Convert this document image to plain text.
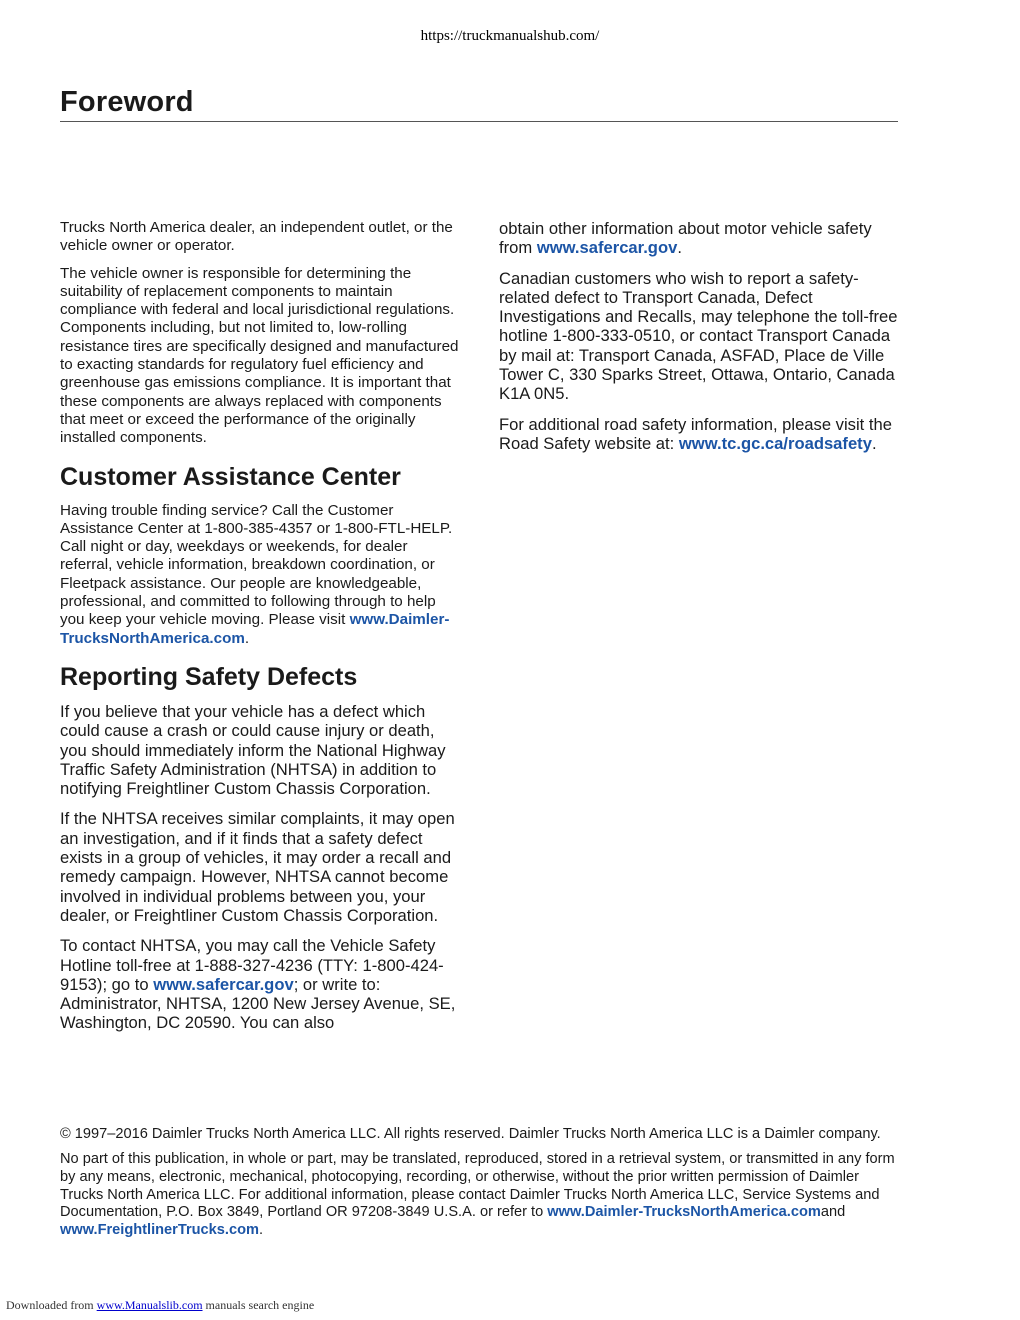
https://truckmanualshub.com/
Foreword

Trucks North America dealer, an independent outlet, or the vehicle owner or operator.

The vehicle owner is responsible for determining the suitability of replacement components to maintain compliance with federal and local jurisdictional regulations. Components including, but not limited to, low-rolling resistance tires are specifically designed and manufactured to exacting standards for regulatory fuel efficiency and greenhouse gas emissions compliance. It is important that these components are always replaced with components that meet or exceed the performance of the originally installed components.

Customer Assistance Center

Having trouble finding service? Call the Customer Assistance Center at 1-800-385-4357 or 1-800-FTL-HELP. Call night or day, weekdays or weekends, for dealer referral, vehicle information, breakdown coordination, or Fleetpack assistance. Our people are knowledgeable, professional, and committed to following through to help you keep your vehicle moving. Please visit www.Daimler-TrucksNorthAmerica.com.

Reporting Safety Defects

If you believe that your vehicle has a defect which could cause a crash or could cause injury or death, you should immediately inform the National Highway Traffic Safety Administration (NHTSA) in addition to notifying Freightliner Custom Chassis Corporation.

If the NHTSA receives similar complaints, it may open an investigation, and if it finds that a safety defect exists in a group of vehicles, it may order a recall and remedy campaign. However, NHTSA cannot become involved in individual problems between you, your dealer, or Freightliner Custom Chassis Corporation.

To contact NHTSA, you may call the Vehicle Safety Hotline toll-free at 1-888-327-4236 (TTY: 1-800-424-9153); go to www.safercar.gov; or write to: Administrator, NHTSA, 1200 New Jersey Avenue, SE, Washington, DC 20590. You can also

obtain other information about motor vehicle safety from www.safercar.gov.

Canadian customers who wish to report a safety-related defect to Transport Canada, Defect Investigations and Recalls, may telephone the toll-free hotline 1-800-333-0510, or contact Transport Canada by mail at: Transport Canada, ASFAD, Place de Ville Tower C, 330 Sparks Street, Ottawa, Ontario, Canada K1A 0N5.

For additional road safety information, please visit the Road Safety website at: www.tc.gc.ca/roadsafety.

© 1997–2016 Daimler Trucks North America LLC. All rights reserved. Daimler Trucks North America LLC is a Daimler company.

No part of this publication, in whole or part, may be translated, reproduced, stored in a retrieval system, or transmitted in any form by any means, electronic, mechanical, photocopying, recording, or otherwise, without the prior written permission of Daimler Trucks North America LLC. For additional information, please contact Daimler Trucks North America LLC, Service Systems and Documentation, P.O. Box 3849, Portland OR 97208-3849 U.S.A. or refer to www.Daimler-TrucksNorthAmerica.comand www.FreightlinerTrucks.com.

Downloaded from www.Manualslib.com manuals search engine
